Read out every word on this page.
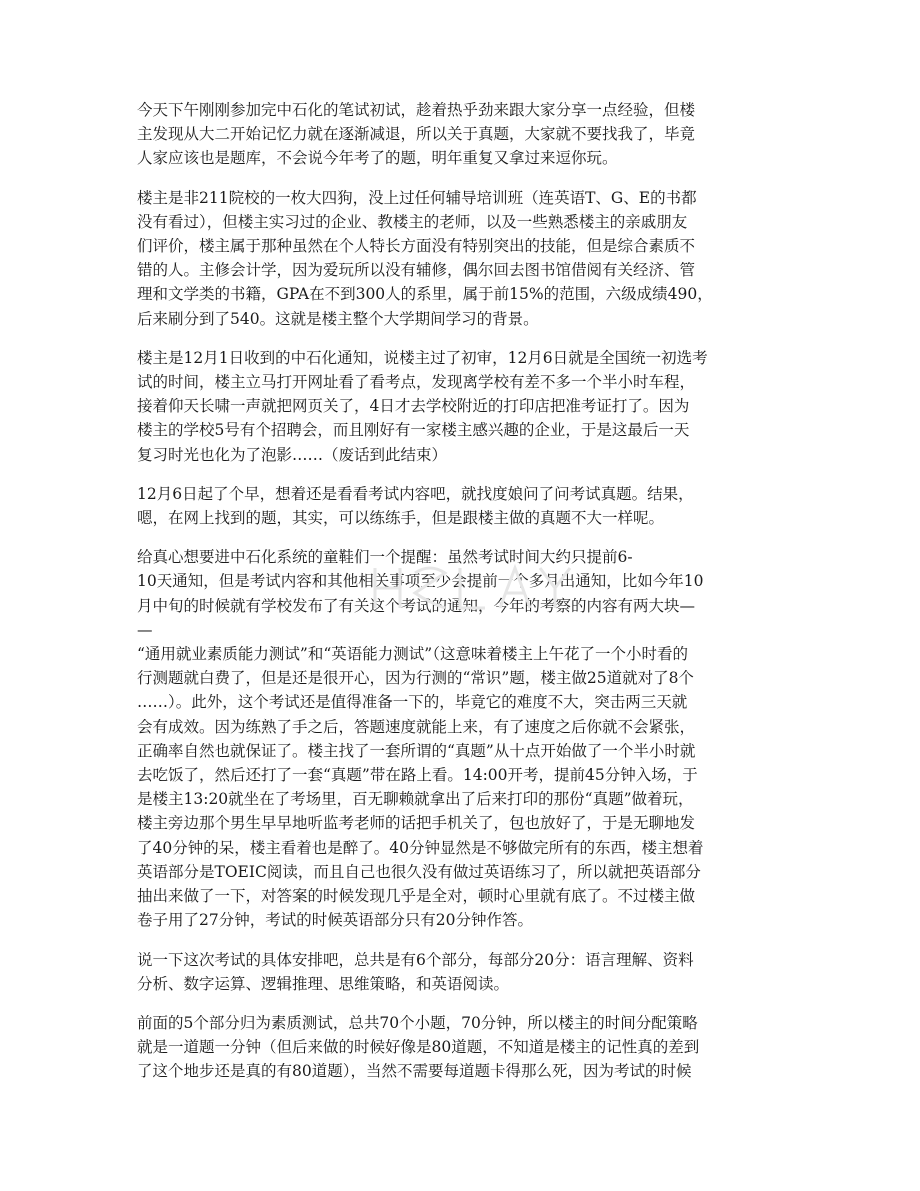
今天下午刚刚参加完中石化的笔试初试，趁着热乎劲来跟大家分享一点经验，但楼
主发现从大二开始记忆力就在逐渐减退，所以关于真题，大家就不要找我了，毕竟
人家应该也是题库，不会说今年考了的题，明年重复又拿过来逗你玩。

楼主是非211院校的一枚大四狗，没上过任何辅导培训班（连英语T、G、E的书都
没有看过），但楼主实习过的企业、教楼主的老师，以及一些熟悉楼主的亲戚朋友
们评价，楼主属于那种虽然在个人特长方面没有特别突出的技能，但是综合素质不
错的人。主修会计学，因为爱玩所以没有辅修，偶尔回去图书馆借阅有关经济、管
理和文学类的书籍，GPA在不到300人的系里，属于前15%的范围，六级成绩490，
后来刷分到了540。这就是楼主整个大学期间学习的背景。

楼主是12月1日收到的中石化通知，说楼主过了初审，12月6日就是全国统一初选考
试的时间，楼主立马打开网址看了看考点，发现离学校有差不多一个半小时车程，
接着仰天长啸一声就把网页关了，4日才去学校附近的打印店把准考证打了。因为
楼主的学校5号有个招聘会，而且刚好有一家楼主感兴趣的企业，于是这最后一天
复习时光也化为了泡影……（废话到此结束）

12月6日起了个早，想着还是看看考试内容吧，就找度娘问了问考试真题。结果，
嗯，在网上找到的题，其实，可以练练手，但是跟楼主做的真题不大一样呢。

给真心想要进中石化系统的童鞋们一个提醒：虽然考试时间大约只提前6-
10天通知，但是考试内容和其他相关事项至少会提前一个多月出通知，比如今年10
月中旬的时候就有学校发布了有关这个考试的通知，今年的考察的内容有两大块—
—
“通用就业素质能力测试”和“英语能力测试”（这意味着楼主上午花了一个小时看的
行测题就白费了，但是还是很开心，因为行测的“常识”题，楼主做25道就对了8个
……）。此外，这个考试还是值得准备一下的，毕竟它的难度不大，突击两三天就
会有成效。因为练熟了手之后，答题速度就能上来，有了速度之后你就不会紧张，
正确率自然也就保证了。楼主找了一套所谓的“真题”从十点开始做了一个半小时就
去吃饭了，然后还打了一套“真题”带在路上看。14:00开考，提前45分钟入场，于
是楼主13:20就坐在了考场里，百无聊赖就拿出了后来打印的那份“真题”做着玩，
楼主旁边那个男生早早地听监考老师的话把手机关了，包也放好了，于是无聊地发
了40分钟的呆，楼主看着也是醉了。40分钟显然是不够做完所有的东西，楼主想着
英语部分是TOEIC阅读，而且自己也很久没有做过英语练习了，所以就把英语部分
抽出来做了一下，对答案的时候发现几乎是全对，顿时心里就有底了。不过楼主做
卷子用了27分钟，考试的时候英语部分只有20分钟作答。

说一下这次考试的具体安排吧，总共是有6个部分，每部分20分：语言理解、资料
分析、数字运算、逻辑推理、思维策略，和英语阅读。

前面的5个部分归为素质测试，总共70个小题，70分钟，所以楼主的时间分配策略
就是一道题一分钟（但后来做的时候好像是80道题，不知道是楼主的记性真的差到
了这个地步还是真的有80道题），当然不需要每道题卡得那么死，因为考试的时候
